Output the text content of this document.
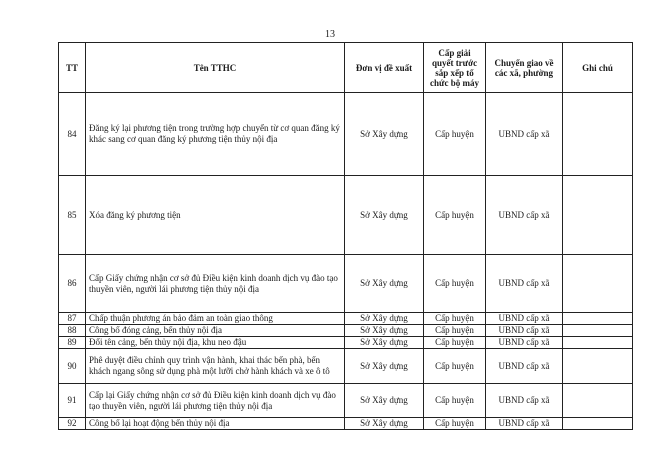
13
TT	Tên TTHC	Đơn vị đề xuất	Cấp giải quyết trước sắp xếp tổ chức bộ máy	Chuyển giao về các xã, phường	Ghi chú
84	Đăng ký lại phương tiện trong trường hợp chuyển từ cơ quan đăng ký khác sang cơ quan đăng ký phương tiện thủy nội địa	Sở Xây dựng	Cấp huyện	UBND cấp xã	
85	Xóa đăng ký phương tiện	Sở Xây dựng	Cấp huyện	UBND cấp xã	
86	Cấp Giấy chứng nhận cơ sở đủ Điều kiện kinh doanh dịch vụ đào tạo thuyền viên, người lái phương tiện thủy nội địa	Sở Xây dựng	Cấp huyện	UBND cấp xã	
87	Chấp thuận phương án bảo đảm an toàn giao thông	Sở Xây dựng	Cấp huyện	UBND cấp xã	
88	Công bố đóng cảng, bến thủy nội địa	Sở Xây dựng	Cấp huyện	UBND cấp xã	
89	Đổi tên cảng, bến thủy nội địa, khu neo đậu	Sở Xây dựng	Cấp huyện	UBND cấp xã	
90	Phê duyệt điều chỉnh quy trình vận hành, khai thác bến phà, bến khách ngang sông sử dụng phà một lưỡi chở hành khách và xe ô tô	Sở Xây dựng	Cấp huyện	UBND cấp xã	
91	Cấp lại Giấy chứng nhận cơ sở đủ Điều kiện kinh doanh dịch vụ đào tạo thuyền viên, người lái phương tiện thủy nội địa	Sở Xây dựng	Cấp huyện	UBND cấp xã	
92	Công bố lại hoạt động bến thủy nội địa	Sở Xây dựng	Cấp huyện	UBND cấp xã	
